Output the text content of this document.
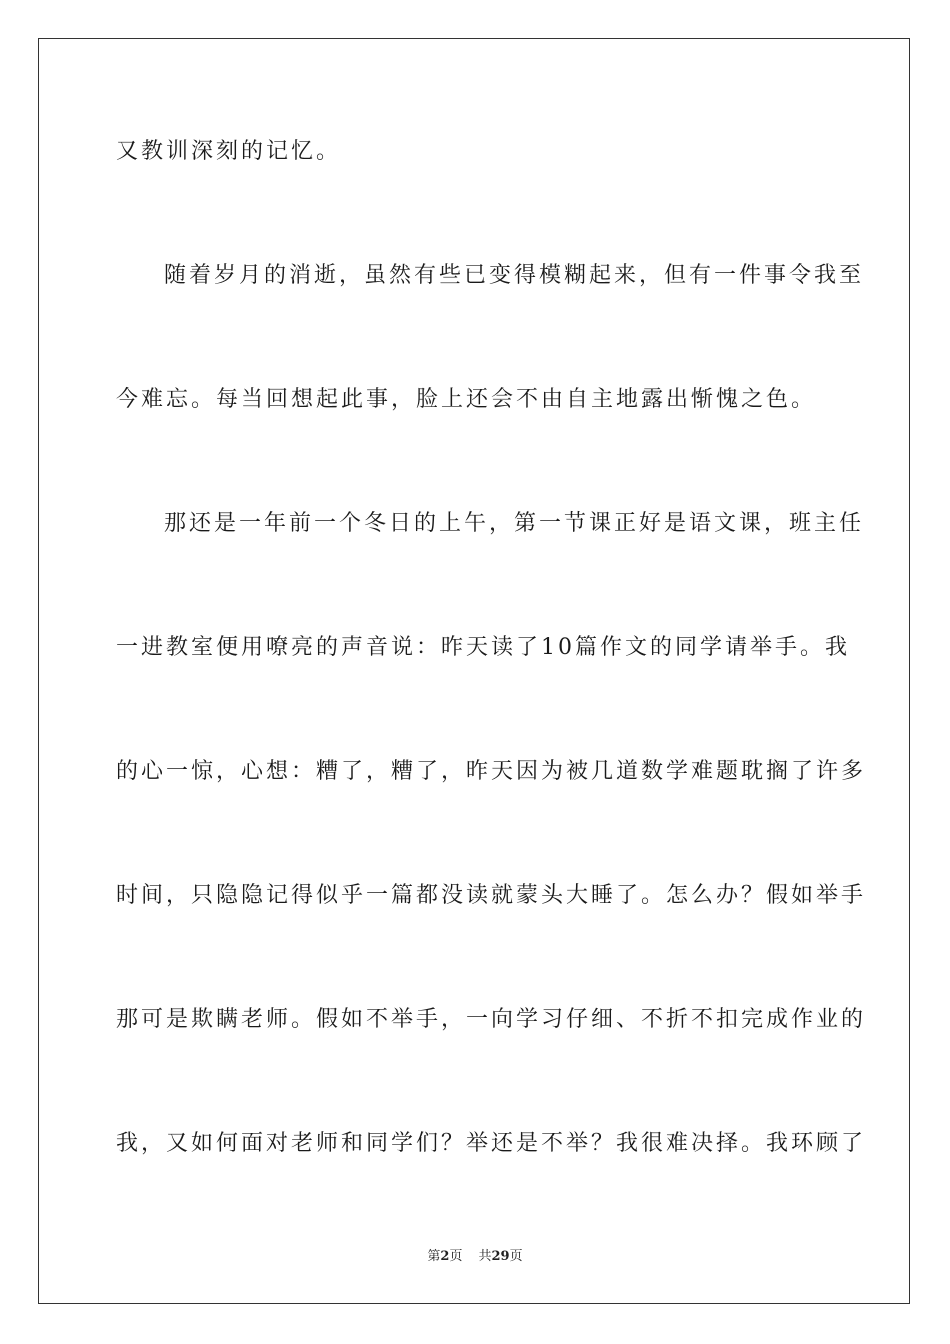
又教训深刻的记忆。
随着岁月的消逝，虽然有些已变得模糊起来，但有一件事令我至
今难忘。每当回想起此事，脸上还会不由自主地露出惭愧之色。
那还是一年前一个冬日的上午，第一节课正好是语文课，班主任
一进教室便用嘹亮的声音说：昨天读了10篇作文的同学请举手。我
的心一惊，心想：糟了，糟了，昨天因为被几道数学难题耽搁了许多
时间，只隐隐记得似乎一篇都没读就蒙头大睡了。怎么办？假如举手
那可是欺瞒老师。假如不举手，一向学习仔细、不折不扣完成作业的
我，又如何面对老师和同学们？举还是不举？我很难决择。我环顾了
第2页 共29页
